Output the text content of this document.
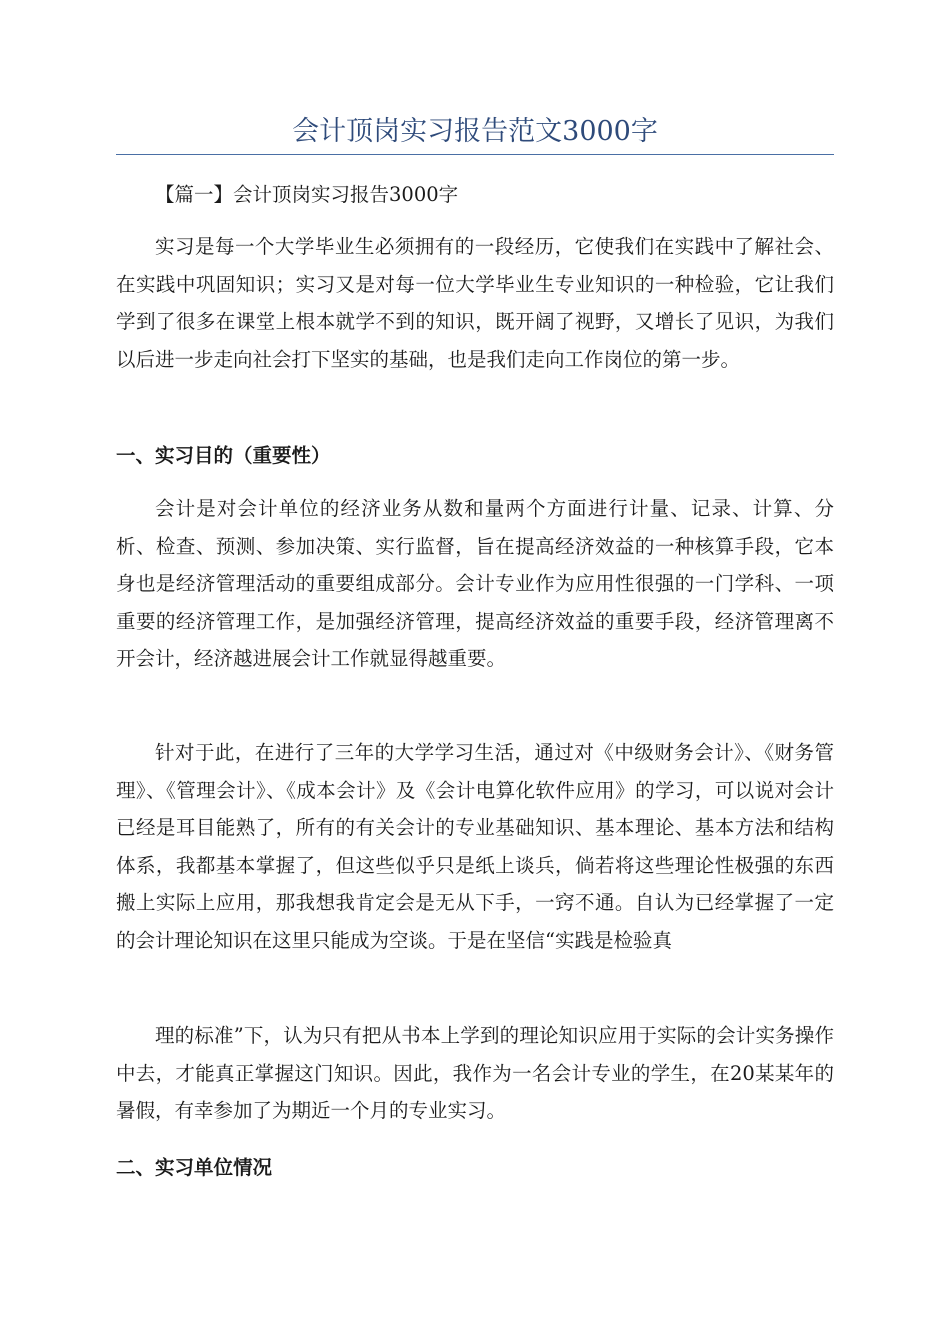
会计顶岗实习报告范文3000字

【篇一】会计顶岗实习报告3000字

实习是每一个大学毕业生必须拥有的一段经历，它使我们在实践中了解社会、在实践中巩固知识；实习又是对每一位大学毕业生专业知识的一种检验，它让我们学到了很多在课堂上根本就学不到的知识，既开阔了视野，又增长了见识，为我们以后进一步走向社会打下坚实的基础，也是我们走向工作岗位的第一步。

一、实习目的（重要性）

会计是对会计单位的经济业务从数和量两个方面进行计量、记录、计算、分析、检查、预测、参加决策、实行监督，旨在提高经济效益的一种核算手段，它本身也是经济管理活动的重要组成部分。会计专业作为应用性很强的一门学科、一项重要的经济管理工作，是加强经济管理，提高经济效益的重要手段，经济管理离不开会计，经济越进展会计工作就显得越重要。

针对于此，在进行了三年的大学学习生活，通过对《中级财务会计》、《财务管理》、《管理会计》、《成本会计》及《会计电算化软件应用》的学习，可以说对会计已经是耳目能熟了，所有的有关会计的专业基础知识、基本理论、基本方法和结构体系，我都基本掌握了，但这些似乎只是纸上谈兵，倘若将这些理论性极强的东西搬上实际上应用，那我想我肯定会是无从下手，一窍不通。自认为已经掌握了一定的会计理论知识在这里只能成为空谈。于是在坚信“实践是检验真

理的标准”下，认为只有把从书本上学到的理论知识应用于实际的会计实务操作中去，才能真正掌握这门知识。因此，我作为一名会计专业的学生，在20某某年的暑假，有幸参加了为期近一个月的专业实习。

二、实习单位情况
